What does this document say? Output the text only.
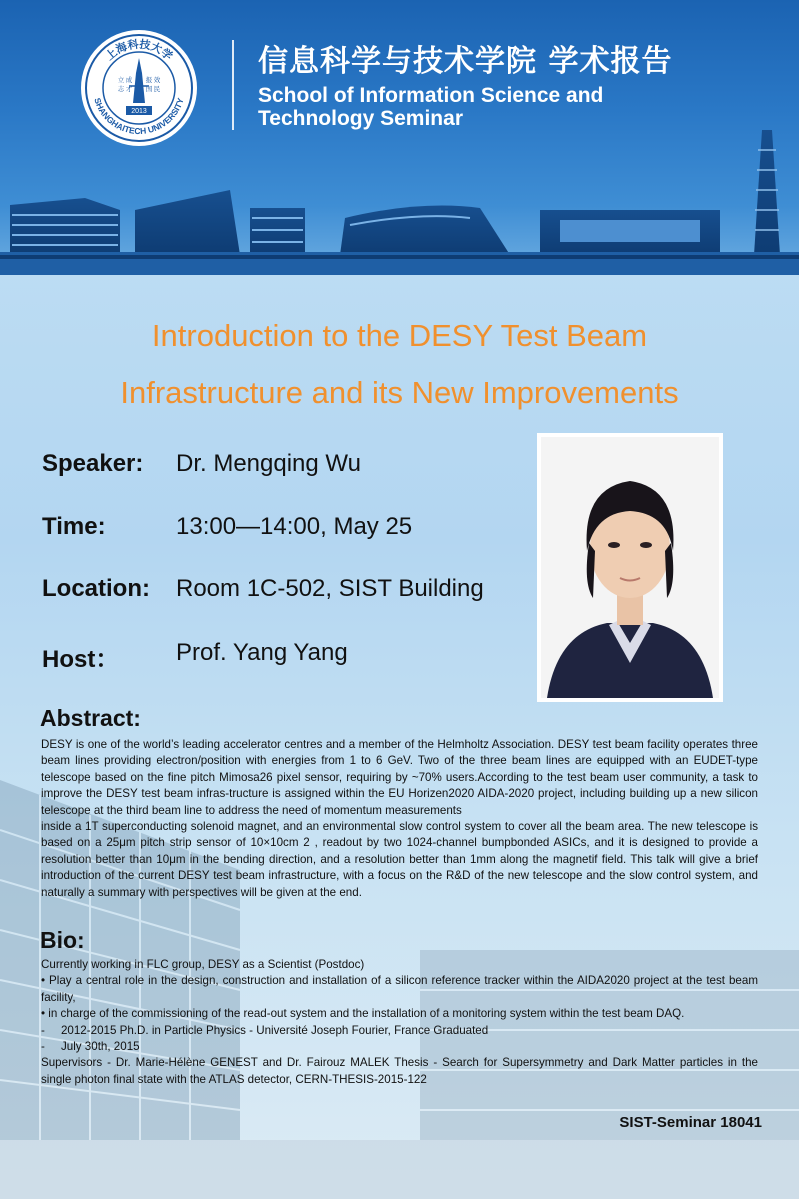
上海科技大学
SHANGHAITECH UNIVERSITY
立 成
志 才
报 效
国 民
2013
信息科学与技术学院 学术报告
School of Information Science and
Technology Seminar
Introduction to the DESY Test Beam
Infrastructure and its New Improvements
Speaker: Dr. Mengqing Wu
Time:	13:00—14:00, May 25
Location: Room 1C-502, SIST Building
Host： Prof. Yang Yang
Abstract:

DESY is one of the world’s leading accelerator centres and a member of the Helmholtz Association. DESY test beam facility operates three beam lines providing electron/position with energies from 1 to 6 GeV. Two of the three beam lines are equipped with an EUDET-type telescope based on the fine pitch Mimosa26 pixel sensor, requiring by ~70% users.According to the test beam user community, a task to improve the DESY test beam infras-tructure is assigned within the EU Horizen2020 AIDA-2020 project, including building up a new silicon telescope at the third beam line to address the need of momentum measurements

inside a 1T superconducting solenoid magnet, and an environmental slow control system to cover all the beam area. The new telescope is based on a 25μm pitch strip sensor of 10×10cm 2 , readout by two 1024-channel bumpbonded ASICs, and it is designed to provide a resolution better than 10μm in the bending direction, and a resolution better than 1mm along the magnetif field. This talk will give a brief introduction of the current DESY test beam infrastructure, with a focus on the R&D of the new telescope and the slow control system, and naturally a summary with perspectives will be given at the end.

Bio:

Currently working in FLC group, DESY as a Scientist (Postdoc)

• Play a central role in the design, construction and installation of a silicon reference tracker within the AIDA2020 project at the test beam facility,

• in charge of the commissioning of the read-out system and the installation of a monitoring system within the test beam DAQ.

-     2012-2015 Ph.D. in Particle Physics - Université Joseph Fourier, France Graduated

-     July 30th, 2015

Supervisors - Dr. Marie-Hélène GENEST and Dr. Fairouz MALEK Thesis - Search for Supersymmetry and Dark Matter particles in the single photon final state with the ATLAS detector, CERN-THESIS-2015-122

SIST-Seminar 18041
